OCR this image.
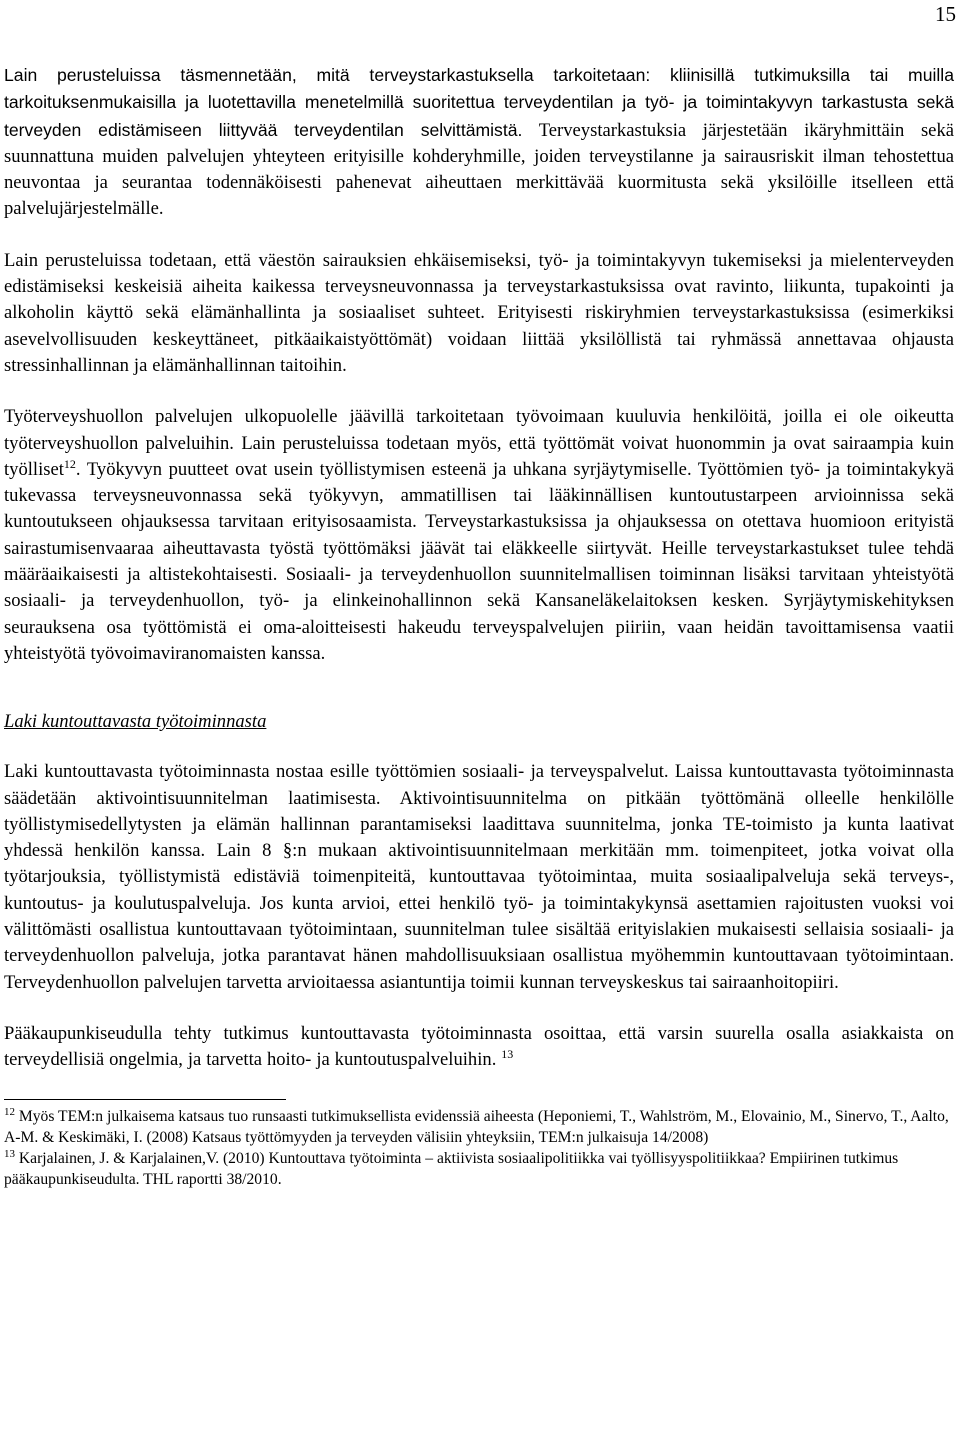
15

Lain perusteluissa täsmennetään, mitä terveystarkastuksella tarkoitetaan: kliinisillä tutkimuksilla tai muilla tarkoituksenmukaisilla ja luotettavilla menetelmillä suoritettua terveydentilan ja työ- ja toimintakyvyn tarkastusta sekä terveyden edistämiseen liittyvää terveydentilan selvittämistä. Terveystarkastuksia järjestetään ikäryhmittäin sekä suunnattuna muiden palvelujen yhteyteen erityisille kohderyhmille, joiden terveystilanne ja sairausriskit ilman tehostettua neuvontaa ja seurantaa todennäköisesti pahenevat aiheuttaen merkittävää kuormitusta sekä yksilöille itselleen että palvelujärjestelmälle.

Lain perusteluissa todetaan, että väestön sairauksien ehkäisemiseksi, työ- ja toimintakyvyn tukemiseksi ja mielenterveyden edistämiseksi keskeisiä aiheita kaikessa terveysneuvonnassa ja terveystarkastuksissa ovat ravinto, liikunta, tupakointi ja alkoholin käyttö sekä elämänhallinta ja sosiaaliset suhteet. Erityisesti riskiryhmien terveystarkastuksissa (esimerkiksi asevelvollisuuden keskeyttäneet, pitkäaikaistyöttömät) voidaan liittää yksilöllistä tai ryhmässä annettavaa ohjausta stressinhallinnan ja elämänhallinnan taitoihin.

Työterveyshuollon palvelujen ulkopuolelle jäävillä tarkoitetaan työvoimaan kuuluvia henkilöitä, joilla ei ole oikeutta työterveyshuollon palveluihin. Lain perusteluissa todetaan myös, että työttömät voivat huonommin ja ovat sairaampia kuin työlliset$^{12}$. Työkyvyn puutteet ovat usein työllistymisen esteenä ja uhkana syrjäytymiselle. Työttömien työ- ja toimintakykyä tukevassa terveysneuvonnassa sekä työkyvyn, ammatillisen tai lääkinnällisen kuntoutustarpeen arvioinnissa sekä kuntoutukseen ohjauksessa tarvitaan erityisosaamista. Terveystarkastuksissa ja ohjauksessa on otettava huomioon erityistä sairastumisenvaaraa aiheuttavasta työstä työttömäksi jäävät tai eläkkeelle siirtyvät. Heille terveystarkastukset tulee tehdä määräaikaisesti ja altistekohtaisesti. Sosiaali- ja terveydenhuollon suunnitelmallisen toiminnan lisäksi tarvitaan yhteistyötä sosiaali- ja terveydenhuollon, työ- ja elinkeinohallinnon sekä Kansaneläkelaitoksen kesken. Syrjäytymiskehityksen seurauksena osa työttömistä ei oma-aloitteisesti hakeudu terveyspalvelujen piiriin, vaan heidän tavoittamisensa vaatii yhteistyötä työvoimaviranomaisten kanssa.

Laki kuntouttavasta työtoiminnasta

Laki kuntouttavasta työtoiminnasta nostaa esille työttömien sosiaali- ja terveyspalvelut. Laissa kuntouttavasta työtoiminnasta säädetään aktivointisuunnitelman laatimisesta. Aktivointisuunnitelma on pitkään työttömänä olleelle henkilölle työllistymisedellytysten ja elämän hallinnan parantamiseksi laadittava suunnitelma, jonka TE-toimisto ja kunta laativat yhdessä henkilön kanssa. Lain 8 §:n mukaan aktivointisuunnitelmaan merkitään mm. toimenpiteet, jotka voivat olla työtarjouksia, työllistymistä edistäviä toimenpiteitä, kuntouttavaa työtoimintaa, muita sosiaalipalveluja sekä terveys-, kuntoutus- ja koulutuspalveluja. Jos kunta arvioi, ettei henkilö työ- ja toimintakykynsä asettamien rajoitusten vuoksi voi välittömästi osallistua kuntouttavaan työtoimintaan, suunnitelman tulee sisältää erityislakien mukaisesti sellaisia sosiaali- ja terveydenhuollon palveluja, jotka parantavat hänen mahdollisuuksiaan osallistua myöhemmin kuntouttavaan työtoimintaan. Terveydenhuollon palvelujen tarvetta arvioitaessa asiantuntija toimii kunnan terveyskeskus tai sairaanhoitopiiri.

Pääkaupunkiseudulla tehty tutkimus kuntouttavasta työtoiminnasta osoittaa, että varsin suurella osalla asiakkaista on terveydellisiä ongelmia, ja tarvetta hoito- ja kuntoutuspalveluihin. $^{13}$

$^{12}$ Myös TEM:n julkaisema katsaus tuo runsaasti tutkimuksellista evidenssiä aiheesta (Heponiemi, T., Wahlström, M., Elovainio, M., Sinervo, T., Aalto, A-M. & Keskimäki, I. (2008) Katsaus työttömyyden ja terveyden välisiin yhteyksiin, TEM:n julkaisuja 14/2008)

$^{13}$ Karjalainen, J. & Karjalainen,V. (2010) Kuntouttava työtoiminta – aktiivista sosiaalipolitiikka vai työllisyyspolitiikkaa? Empiirinen tutkimus pääkaupunkiseudulta. THL raportti 38/2010.
